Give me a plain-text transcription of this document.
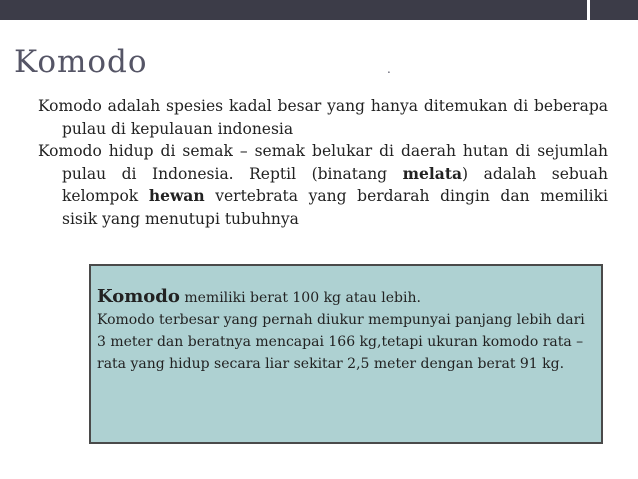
Komodo	.

Komodo adalah spesies kadal besar yang hanya ditemukan di beberapa pulau di kepulauan indonesia

Komodo hidup di semak – semak belukar di daerah hutan di sejumlah pulau di Indonesia. Reptil (binatang melata) adalah sebuah kelompok hewan vertebrata yang berdarah dingin dan memiliki sisik yang menutupi tubuhnya

Komodo memiliki berat 100 kg atau lebih.
Komodo terbesar yang pernah diukur mempunyai panjang lebih dari 3 meter dan beratnya mencapai 166 kg,tetapi ukuran komodo rata –rata yang hidup secara liar sekitar 2,5 meter dengan berat 91 kg.
